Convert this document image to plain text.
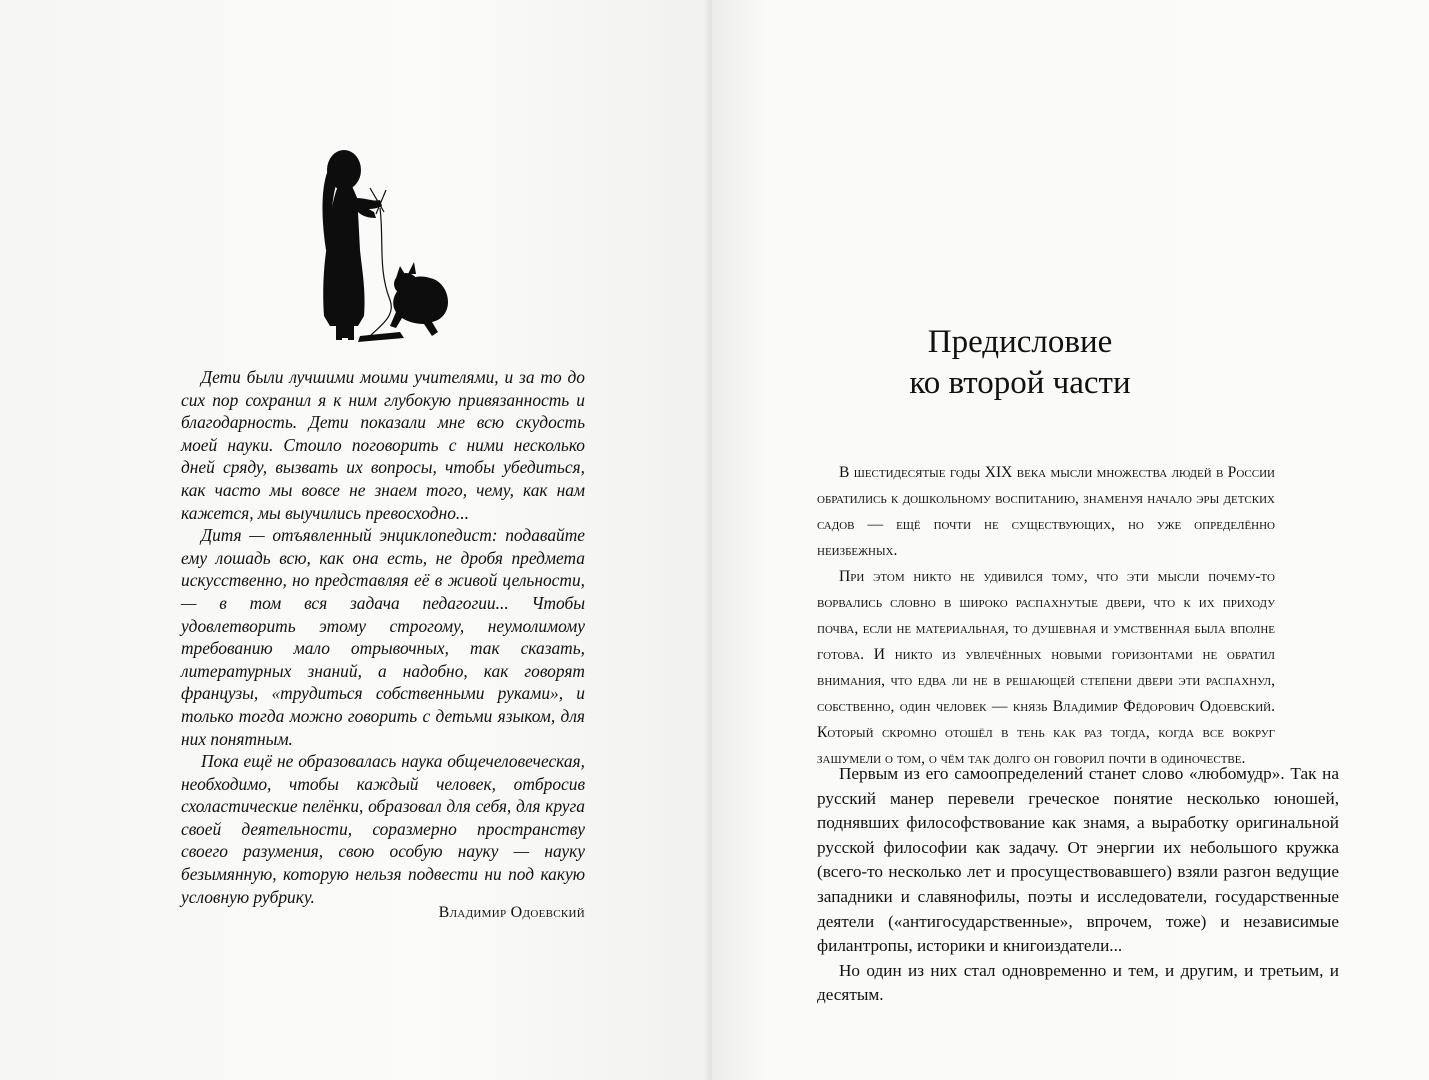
Дети были лучшими моими учителями, и за то до сих пор сохранил я к ним глубокую привязанность и благодарность. Дети показали мне всю скудость моей науки. Стоило поговорить с ними несколько дней сряду, вызвать их вопросы, чтобы убедиться, как часто мы вовсе не знаем того, чему, как нам кажется, мы выучились превосходно...

Дитя — отъявленный энциклопедист: подавайте ему лошадь всю, как она есть, не дробя предмета искусственно, но представляя её в живой цельности, — в том вся задача педагогии... Чтобы удовлетворить этому строгому, неумолимому требованию мало отрывочных, так сказать, литературных знаний, а надобно, как говорят французы, «трудиться собственными руками», и только тогда можно говорить с детьми языком, для них понятным.

Пока ещё не образовалась наука общечеловеческая, необходимо, чтобы каждый человек, отбросив схоластические пелёнки, образовал для себя, для круга своей деятельности, соразмерно пространству своего разумения, свою особую науку — науку безымянную, которую нельзя подвести ни под какую условную рубрику.

Владимир Одоевский
Предисловие
ко второй части

В шестидесятые годы XIX века мысли множества людей в России обратились к дошкольному воспитанию, знаменуя начало эры детских садов — ещё почти не существующих, но уже определённо неизбежных.

При этом никто не удивился тому, что эти мысли почему-то ворвались словно в широко распахнутые двери, что к их приходу почва, если не материальная, то душевная и умственная была вполне готова. И никто из увлечённых новыми горизонтами не обратил внимания, что едва ли не в решающей степени двери эти распахнул, собственно, один человек — князь Владимир Фёдорович Одоевский. Который скромно отошёл в тень как раз тогда, когда все вокруг зашумели о том, о чём так долго он говорил почти в одиночестве.

Первым из его самоопределений станет слово «любомудр». Так на русский манер перевели греческое понятие несколько юношей, поднявших философствование как знамя, а выработку оригинальной русской философии как задачу. От энергии их небольшого кружка (всего-то несколько лет и просуществовавшего) взяли разгон ведущие западники и славянофилы, поэты и исследователи, государственные деятели («антигосударственные», впрочем, тоже) и независимые филантропы, историки и книгоиздатели...

Но один из них стал одновременно и тем, и другим, и третьим, и десятым.
